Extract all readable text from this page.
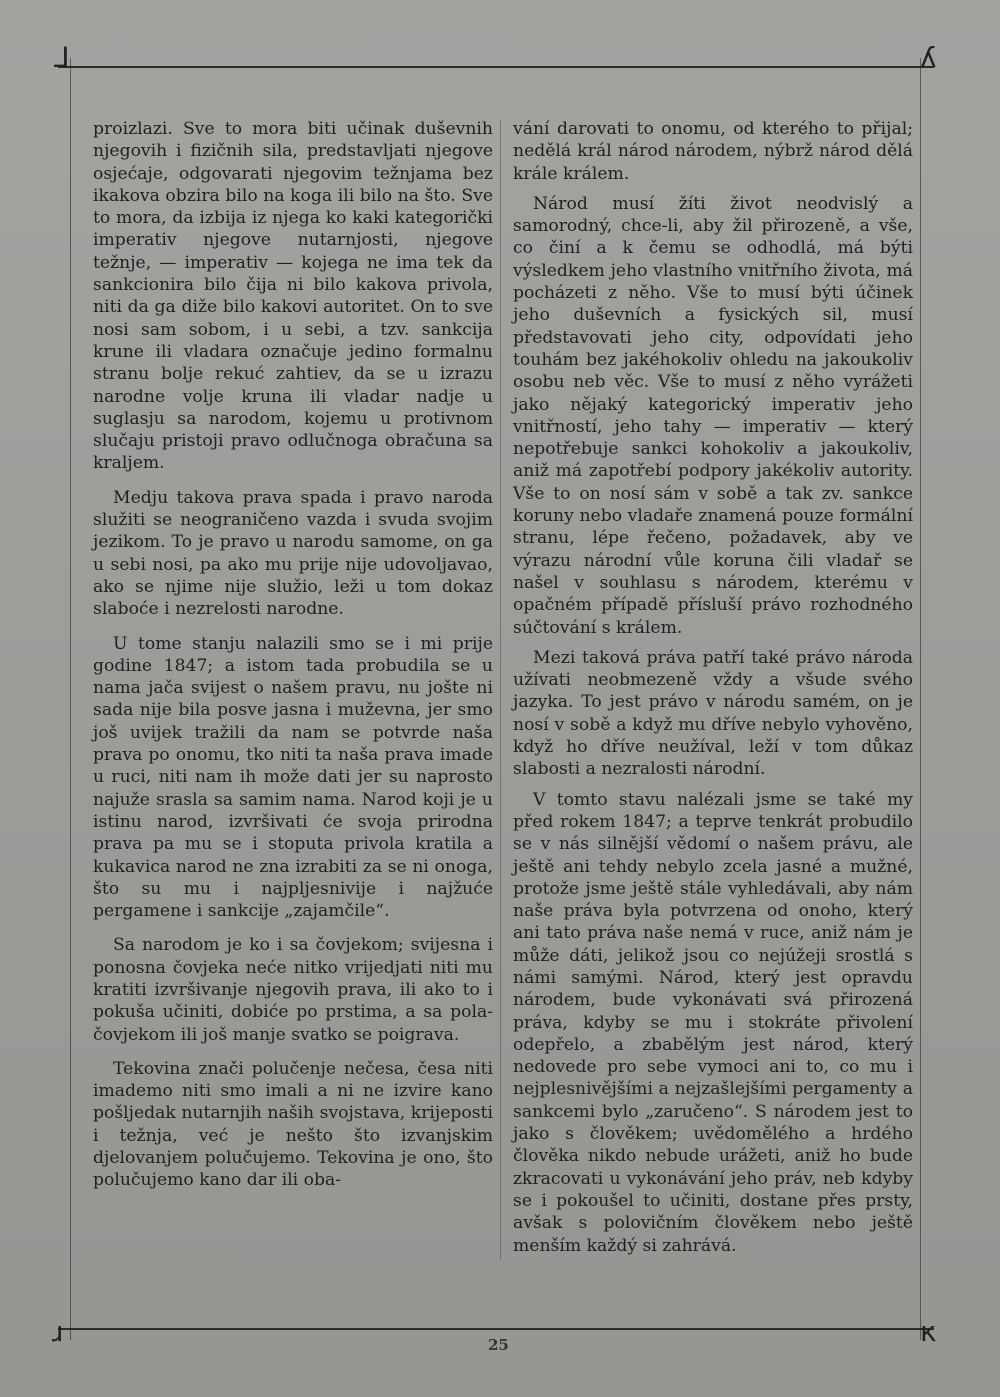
⅃	ʎ
ɹ	κ

proizlazi. Sve to mora biti učinak duševnih njegovih i fizičnih sila, predstavljati njegove osjećaje, odgovarati njegovim težnjama bez ikakova obzira bilo na koga ili bilo na što. Sve to mora, da izbija iz njega ko kaki kategorički imperativ njegove nutarnjosti, njegove težnje, — imperativ — kojega ne ima tek da sankcionira bilo čija ni bilo kakova privola, niti da ga diže bilo kakovi autoritet. On to sve nosi sam sobom, i u sebi, a tzv. sankcija krune ili vladara označuje jedino formalnu stranu bolje rekuć zahtiev, da se u izrazu narodne volje kruna ili vladar nadje u suglasju sa narodom, kojemu u protivnom slučaju pristoji pravo odlučnoga obračuna sa kraljem.

Medju takova prava spada i pravo naroda služiti se neograničeno vazda i svuda svojim jezikom. To je pravo u narodu samome, on ga u sebi nosi, pa ako mu prije nije udovoljavao, ako se njime nije služio, leži u tom dokaz slaboće i nezrelosti narodne.

U tome stanju nalazili smo se i mi prije godine 1847; a istom tada probudila se u nama jača svijest o našem pravu, nu jošte ni sada nije bila posve jasna i muževna, jer smo još uvijek tražili da nam se potvrde naša prava po onomu, tko niti ta naša prava imade u ruci, niti nam ih može dati jer su naprosto najuže srasla sa samim nama. Narod koji je u istinu narod, izvršivati će svoja prirodna prava pa mu se i stoputa privola kratila a kukavica narod ne zna izrabiti za se ni onoga, što su mu i najpljesnivije i najžuće pergamene i sankcije „zajamčile“.

Sa narodom je ko i sa čovjekom; svijesna i ponosna čovjeka neće nitko vrijedjati niti mu kratiti izvršivanje njegovih prava, ili ako to i pokuša učiniti, dobiće po prstima, a sa pola-čovjekom ili još manje svatko se poigrava.

Tekovina znači polučenje nečesa, česa niti imademo niti smo imali a ni ne izvire kano pošljedak nutarnjih naših svojstava, krijeposti i težnja, već je nešto što izvanjskim djelovanjem polučujemo. Tekovina je ono, što polučujemo kano dar ili oba-

vání darovati to onomu, od kterého to přijal; nedělá král národ národem, nýbrž národ dělá krále králem.

Národ musí žíti život neodvislý a samorodný, chce-li, aby žil přirozeně, a vše, co činí a k čemu se odhodlá, má býti výsledkem jeho vlastního vnitřního života, má pocházeti z něho. Vše to musí býti účinek jeho duševních a fysických sil, musí představovati jeho city, odpovídati jeho touhám bez jakéhokoliv ohledu na jakoukoliv osobu neb věc. Vše to musí z něho vyrážeti jako nějaký kategorický imperativ jeho vnitřností, jeho tahy — imperativ — který nepotřebuje sankci kohokoliv a jakoukoliv, aniž má zapotřebí podpory jakékoliv autority. Vše to on nosí sám v sobě a tak zv. sankce koruny nebo vladaře znamená pouze formální stranu, lépe řečeno, požadavek, aby ve výrazu národní vůle koruna čili vladař se našel v souhlasu s národem, kterému v opačném případě přísluší právo rozhodného súčtování s králem.

Mezi taková práva patří také právo národa užívati neobmezeně vždy a všude svého jazyka. To jest právo v národu samém, on je nosí v sobě a když mu dříve nebylo vyhověno, když ho dříve neužíval, leží v tom důkaz slabosti a nezralosti národní.

V tomto stavu nalézali jsme se také my před rokem 1847; a teprve tenkrát probudilo se v nás silnější vědomí o našem právu, ale ještě ani tehdy nebylo zcela jasné a mužné, protože jsme ještě stále vyhledávali, aby nám naše práva byla potvrzena od onoho, který ani tato práva naše nemá v ruce, aniž nám je může dáti, jelikož jsou co nejúžeji srostlá s námi samými. Národ, který jest opravdu národem, bude vykonávati svá přirozená práva, kdyby se mu i stokráte přivolení odepřelo, a zbabělým jest národ, který nedovede pro sebe vymoci ani to, co mu i nejplesnivějšími a nejzašlejšími pergamenty a sankcemi bylo „zaručeno“. S národem jest to jako s člověkem; uvědomělého a hrdého člověka nikdo nebude urážeti, aniž ho bude zkracovati u vykonávání jeho práv, neb kdyby se i pokoušel to učiniti, dostane přes prsty, avšak s polovičním člověkem nebo ještě menším každý si zahrává.

25
